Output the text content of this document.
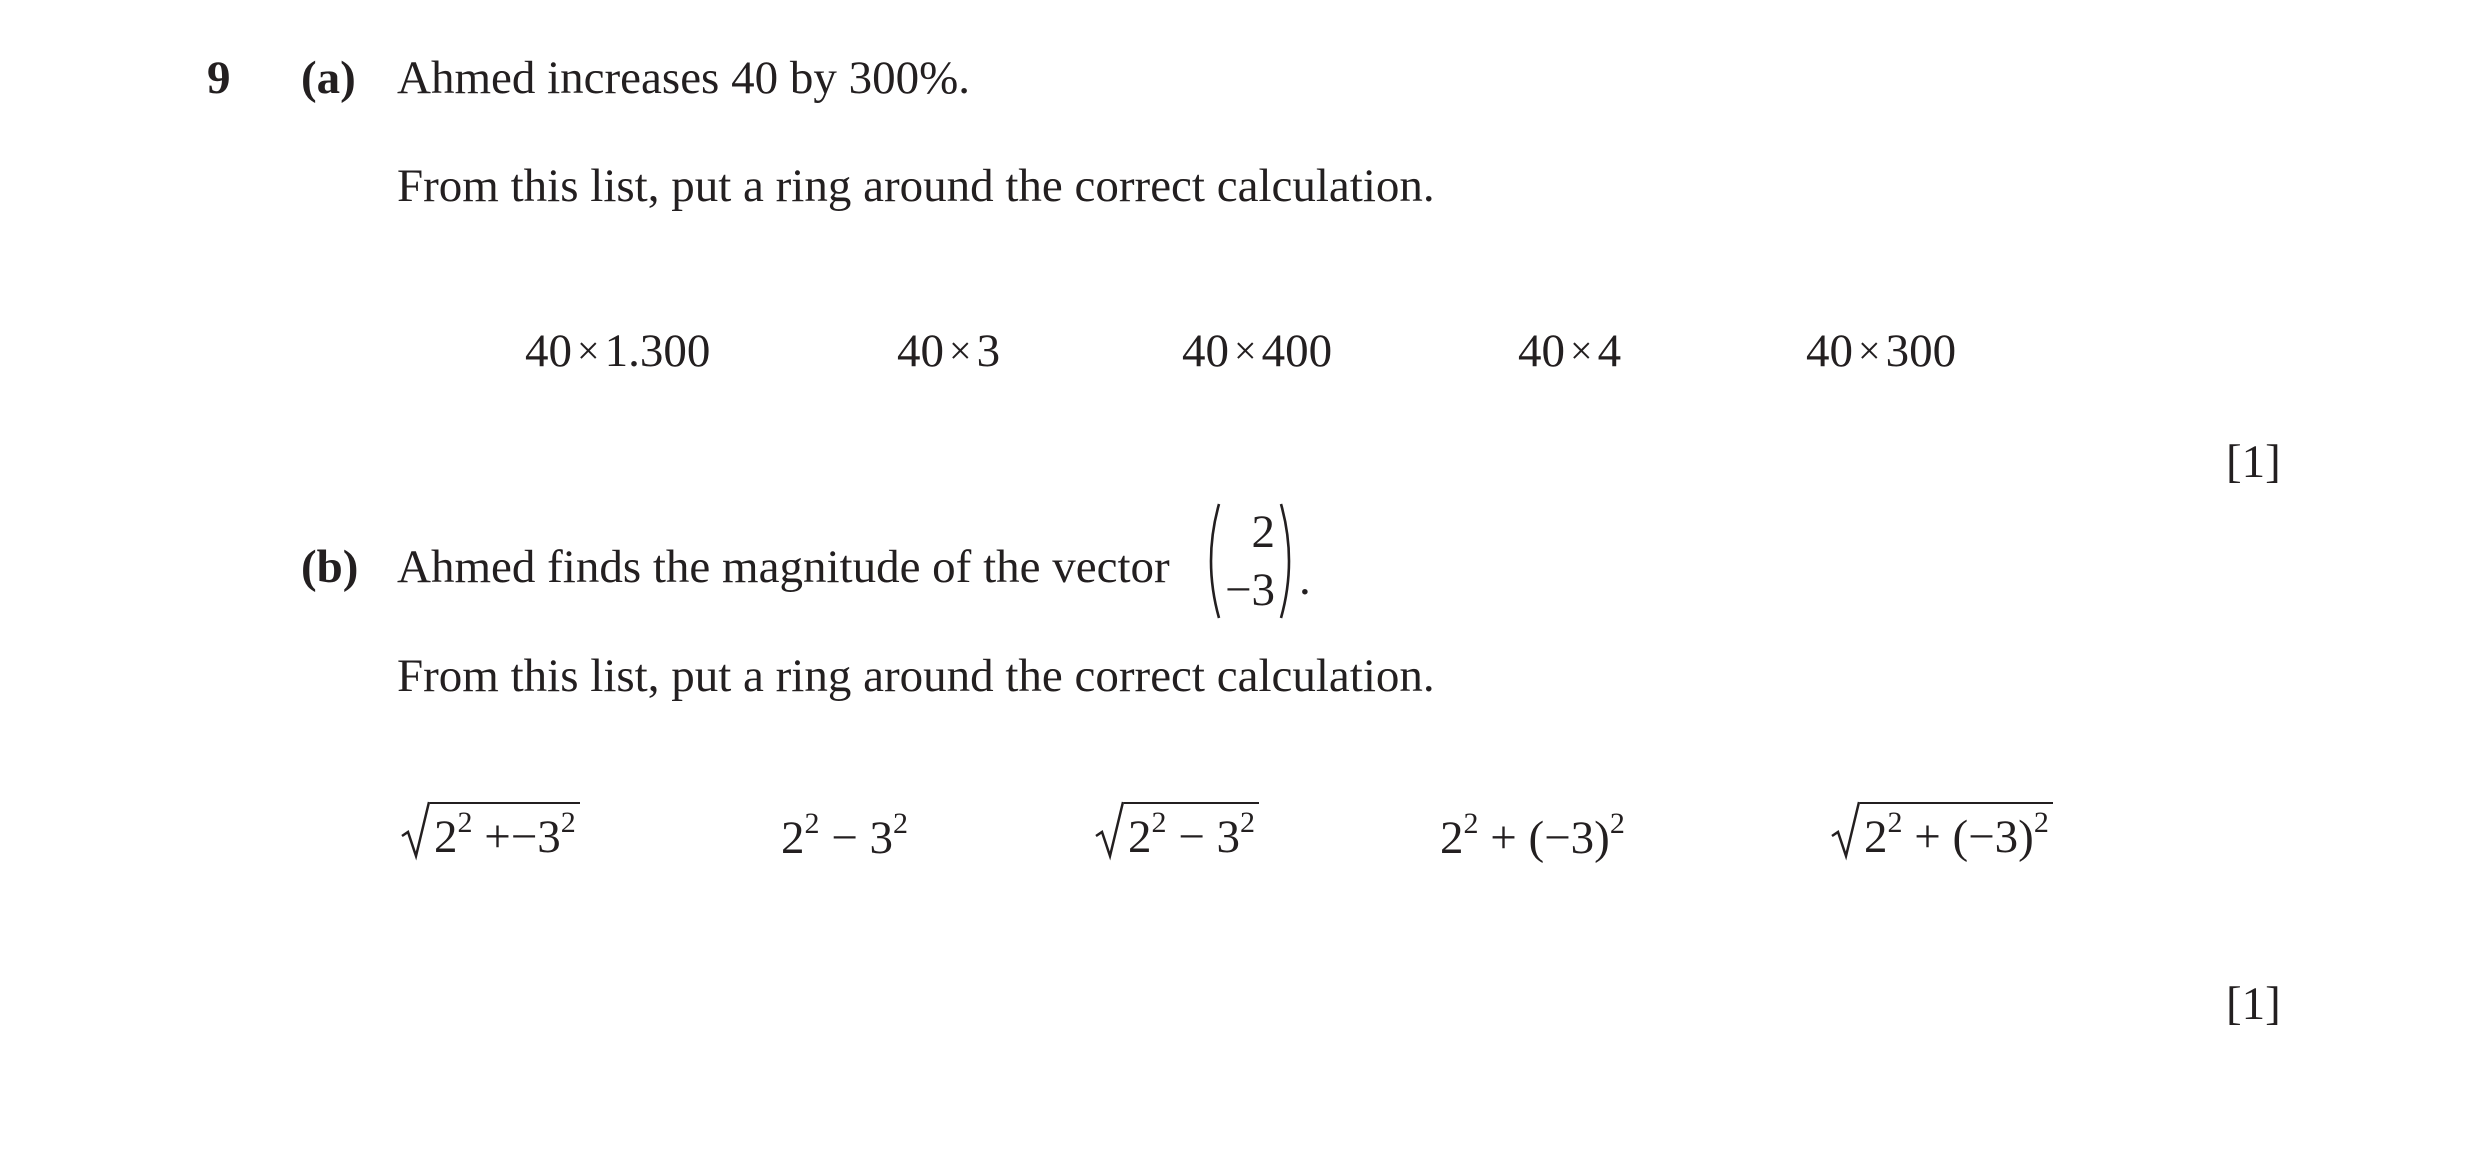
9 (a) Ahmed increases 40 by 300%.
From this list, put a ring around the correct calculation.
40 × 1.300	40 × 3	40 × 400	40 × 4	40 × 300
[1]
(b) Ahmed finds the magnitude of the vector
2
−3 .
From this list, put a ring around the correct calculation.
$2^2 +-3^2$	$2^2 - 3^2$	$2^2 - 3^2$	$2^2 + (-3)^2$	$2^2 + (-3)^2$
[1]
